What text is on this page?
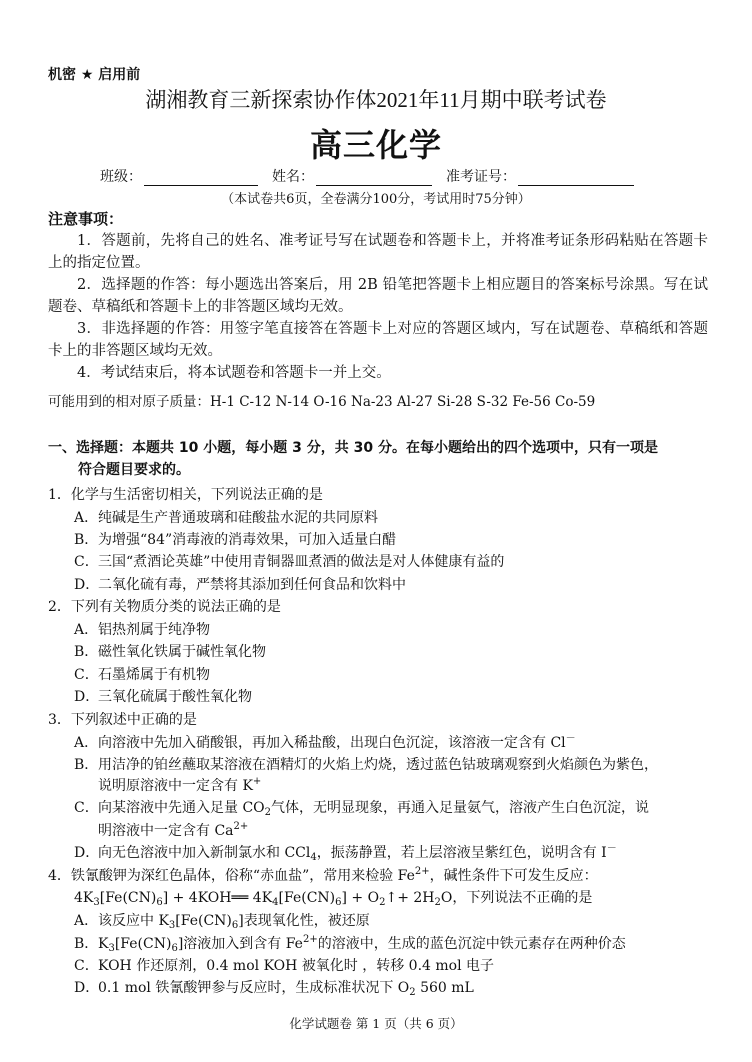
机密 ★ 启用前
湖湘教育三新探索协作体2021年11月期中联考试卷
高三化学
班级：	姓名：	准考证号：
（本试卷共6页，全卷满分100分，考试用时75分钟）
注意事项：
1．答题前，先将自己的姓名、准考证号写在试题卷和答题卡上，并将准考证条形码粘贴在答题卡上的指定位置。
2．选择题的作答：每小题选出答案后，用 2B 铅笔把答题卡上相应题目的答案标号涂黑。写在试题卷、草稿纸和答题卡上的非答题区域均无效。
3．非选择题的作答：用签字笔直接答在答题卡上对应的答题区域内，写在试题卷、草稿纸和答题卡上的非答题区域均无效。
4．考试结束后，将本试题卷和答题卡一并上交。
可能用到的相对原子质量：H-1 C-12 N-14 O-16 Na-23 Al-27 Si-28 S-32 Fe-56 Co-59
一、选择题：本题共 10 小题，每小题 3 分，共 30 分。在每小题给出的四个选项中，只有一项是
符合题目要求的。
1．化学与生活密切相关，下列说法正确的是
A．纯碱是生产普通玻璃和硅酸盐水泥的共同原料
B．为增强“84”消毒液的消毒效果，可加入适量白醋
C．三国“煮酒论英雄”中使用青铜器皿煮酒的做法是对人体健康有益的
D．二氧化硫有毒，严禁将其添加到任何食品和饮料中
2．下列有关物质分类的说法正确的是
A．铝热剂属于纯净物
B．磁性氧化铁属于碱性氧化物
C．石墨烯属于有机物
D．三氧化硫属于酸性氧化物
3．下列叙述中正确的是
A．向溶液中先加入硝酸银，再加入稀盐酸，出现白色沉淀，该溶液一定含有 Cl－
B．用洁净的铂丝蘸取某溶液在酒精灯的火焰上灼烧，透过蓝色钴玻璃观察到火焰颜色为紫色，
说明原溶液中一定含有 K+
C．向某溶液中先通入足量 $CO_2$气体，无明显现象，再通入足量氨气，溶液产生白色沉淀，说
明溶液中一定含有 $Ca^{2+}$
D．向无色溶液中加入新制氯水和 CCl$_4$，振荡静置，若上层溶液呈紫红色，说明含有 I－
4．铁氰酸钾为深红色晶体，俗称“赤血盐”，常用来检验 $Fe^{2+}$，碱性条件下可发生反应：
$4K_3[Fe(CN)_6]$ + 4KOH══ $4K_4[Fe(CN)_6]$ + $O_2↑+ 2H_2O$，下列说法不正确的是
A．该反应中 $K_3[Fe(CN)_6]$表现氧化性，被还原
B．$K_3[Fe(CN)_6]$溶液加入到含有 $Fe^{2+}$的溶液中，生成的蓝色沉淀中铁元素存在两种价态
C．KOH 作还原剂，0.4 mol KOH 被氧化时 ，转移 0.4 mol 电子
D．0.1 mol 铁氰酸钾参与反应时，生成标准状况下 $O_2$ 560 mL
化学试题卷 第 1 页（共 6 页）
